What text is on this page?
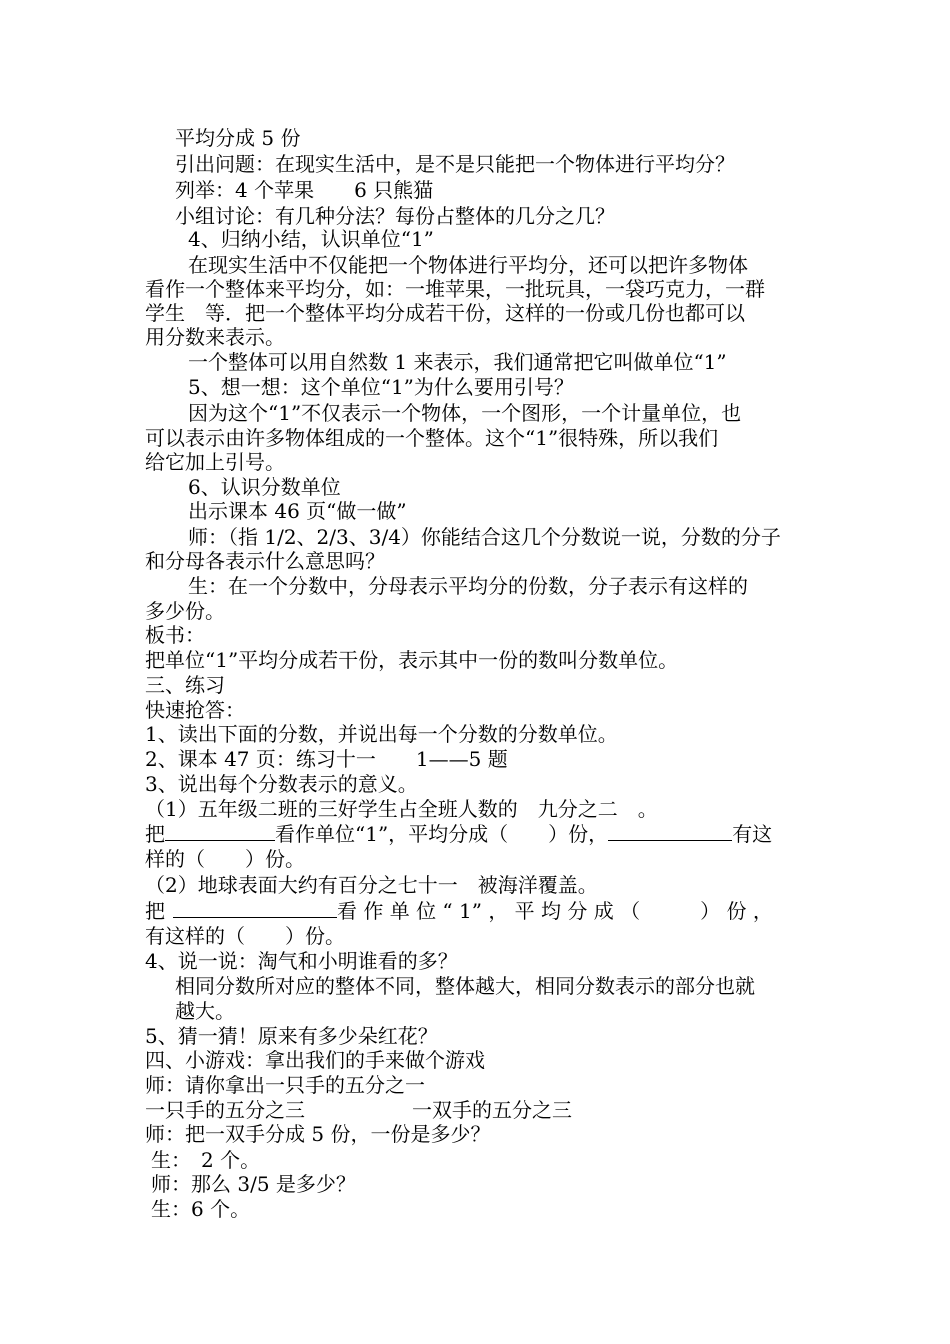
平均分成 5 份
引出问题：在现实生活中，是不是只能把一个物体进行平均分？
列举：4 个苹果　　6 只熊猫
小组讨论：有几种分法？每份占整体的几分之几？
4、归纳小结，认识单位“1”
在现实生活中不仅能把一个物体进行平均分，还可以把许多物体
看作一个整体来平均分，如：一堆苹果，一批玩具，一袋巧克力，一群
学生　等．把一个整体平均分成若干份，这样的一份或几份也都可以
用分数来表示。
一个整体可以用自然数 1 来表示，我们通常把它叫做单位“1”
5、想一想：这个单位“1”为什么要用引号？
因为这个“1”不仅表示一个物体，一个图形，一个计量单位，也
可以表示由许多物体组成的一个整体。这个“1”很特殊，所以我们
给它加上引号。
6、认识分数单位
出示课本 46 页“做一做”
师：（指 1/2、2/3、3/4）你能结合这几个分数说一说，分数的分子
和分母各表示什么意思吗？
生：在一个分数中，分母表示平均分的份数，分子表示有这样的
多少份。
板书：
把单位“1”平均分成若干份，表示其中一份的数叫分数单位。
三、练习
快速抢答：
1、读出下面的分数，并说出每一个分数的分数单位。
2、课本 47 页：练习十一　　1——5 题
3、说出每个分数表示的意义。
（1）五年级二班的三好学生占全班人数的　九分之二　。
把	看作单位“1”，平均分成（　　）份，	有这
样的（　　）份。
（2）地球表面大约有百分之七十一　被海洋覆盖。
把	看 作 单 位 “ 1” ， 平 均 分 成 （　　　） 份 ，
有这样的（　　）份。
4、说一说：淘气和小明谁看的多？
相同分数所对应的整体不同，整体越大，相同分数表示的部分也就
越大。
5、猜一猜！原来有多少朵红花？
四、小游戏：拿出我们的手来做个游戏
师：请你拿出一只手的五分之一
一只手的五分之三	一双手的五分之三
师：把一双手分成 5 份，一份是多少？
生：　2 个。
师：那么 3/5 是多少？
生：6 个。
